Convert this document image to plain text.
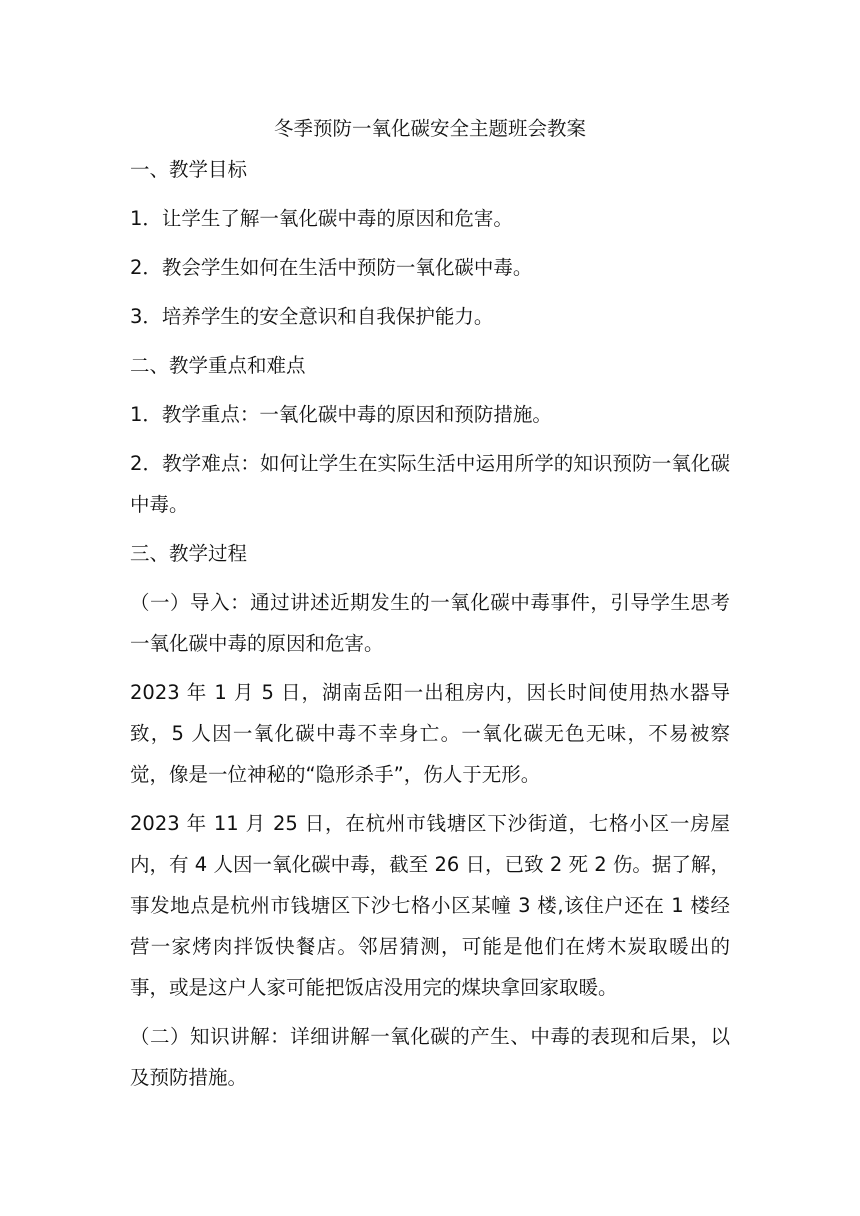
冬季预防一氧化碳安全主题班会教案

一、教学目标

1．让学生了解一氧化碳中毒的原因和危害。

2．教会学生如何在生活中预防一氧化碳中毒。

3．培养学生的安全意识和自我保护能力。

二、教学重点和难点

1．教学重点：一氧化碳中毒的原因和预防措施。

2．教学难点：如何让学生在实际生活中运用所学的知识预防一氧化碳中毒。

三、教学过程

（一）导入：通过讲述近期发生的一氧化碳中毒事件，引导学生思考一氧化碳中毒的原因和危害。

2023 年 1 月 5 日，湖南岳阳一出租房内，因长时间使用热水器导致，5 人因一氧化碳中毒不幸身亡。一氧化碳无色无味，不易被察觉，像是一位神秘的“隐形杀手”，伤人于无形。

2023 年 11 月 25 日，在杭州市钱塘区下沙街道，七格小区一房屋内，有 4 人因一氧化碳中毒，截至 26 日，已致 2 死 2 伤。据了解，事发地点是杭州市钱塘区下沙七格小区某幢 3 楼,该住户还在 1 楼经营一家烤肉拌饭快餐店。邻居猜测，可能是他们在烤木炭取暖出的事，或是这户人家可能把饭店没用完的煤块拿回家取暖。

（二）知识讲解：详细讲解一氧化碳的产生、中毒的表现和后果，以及预防措施。
